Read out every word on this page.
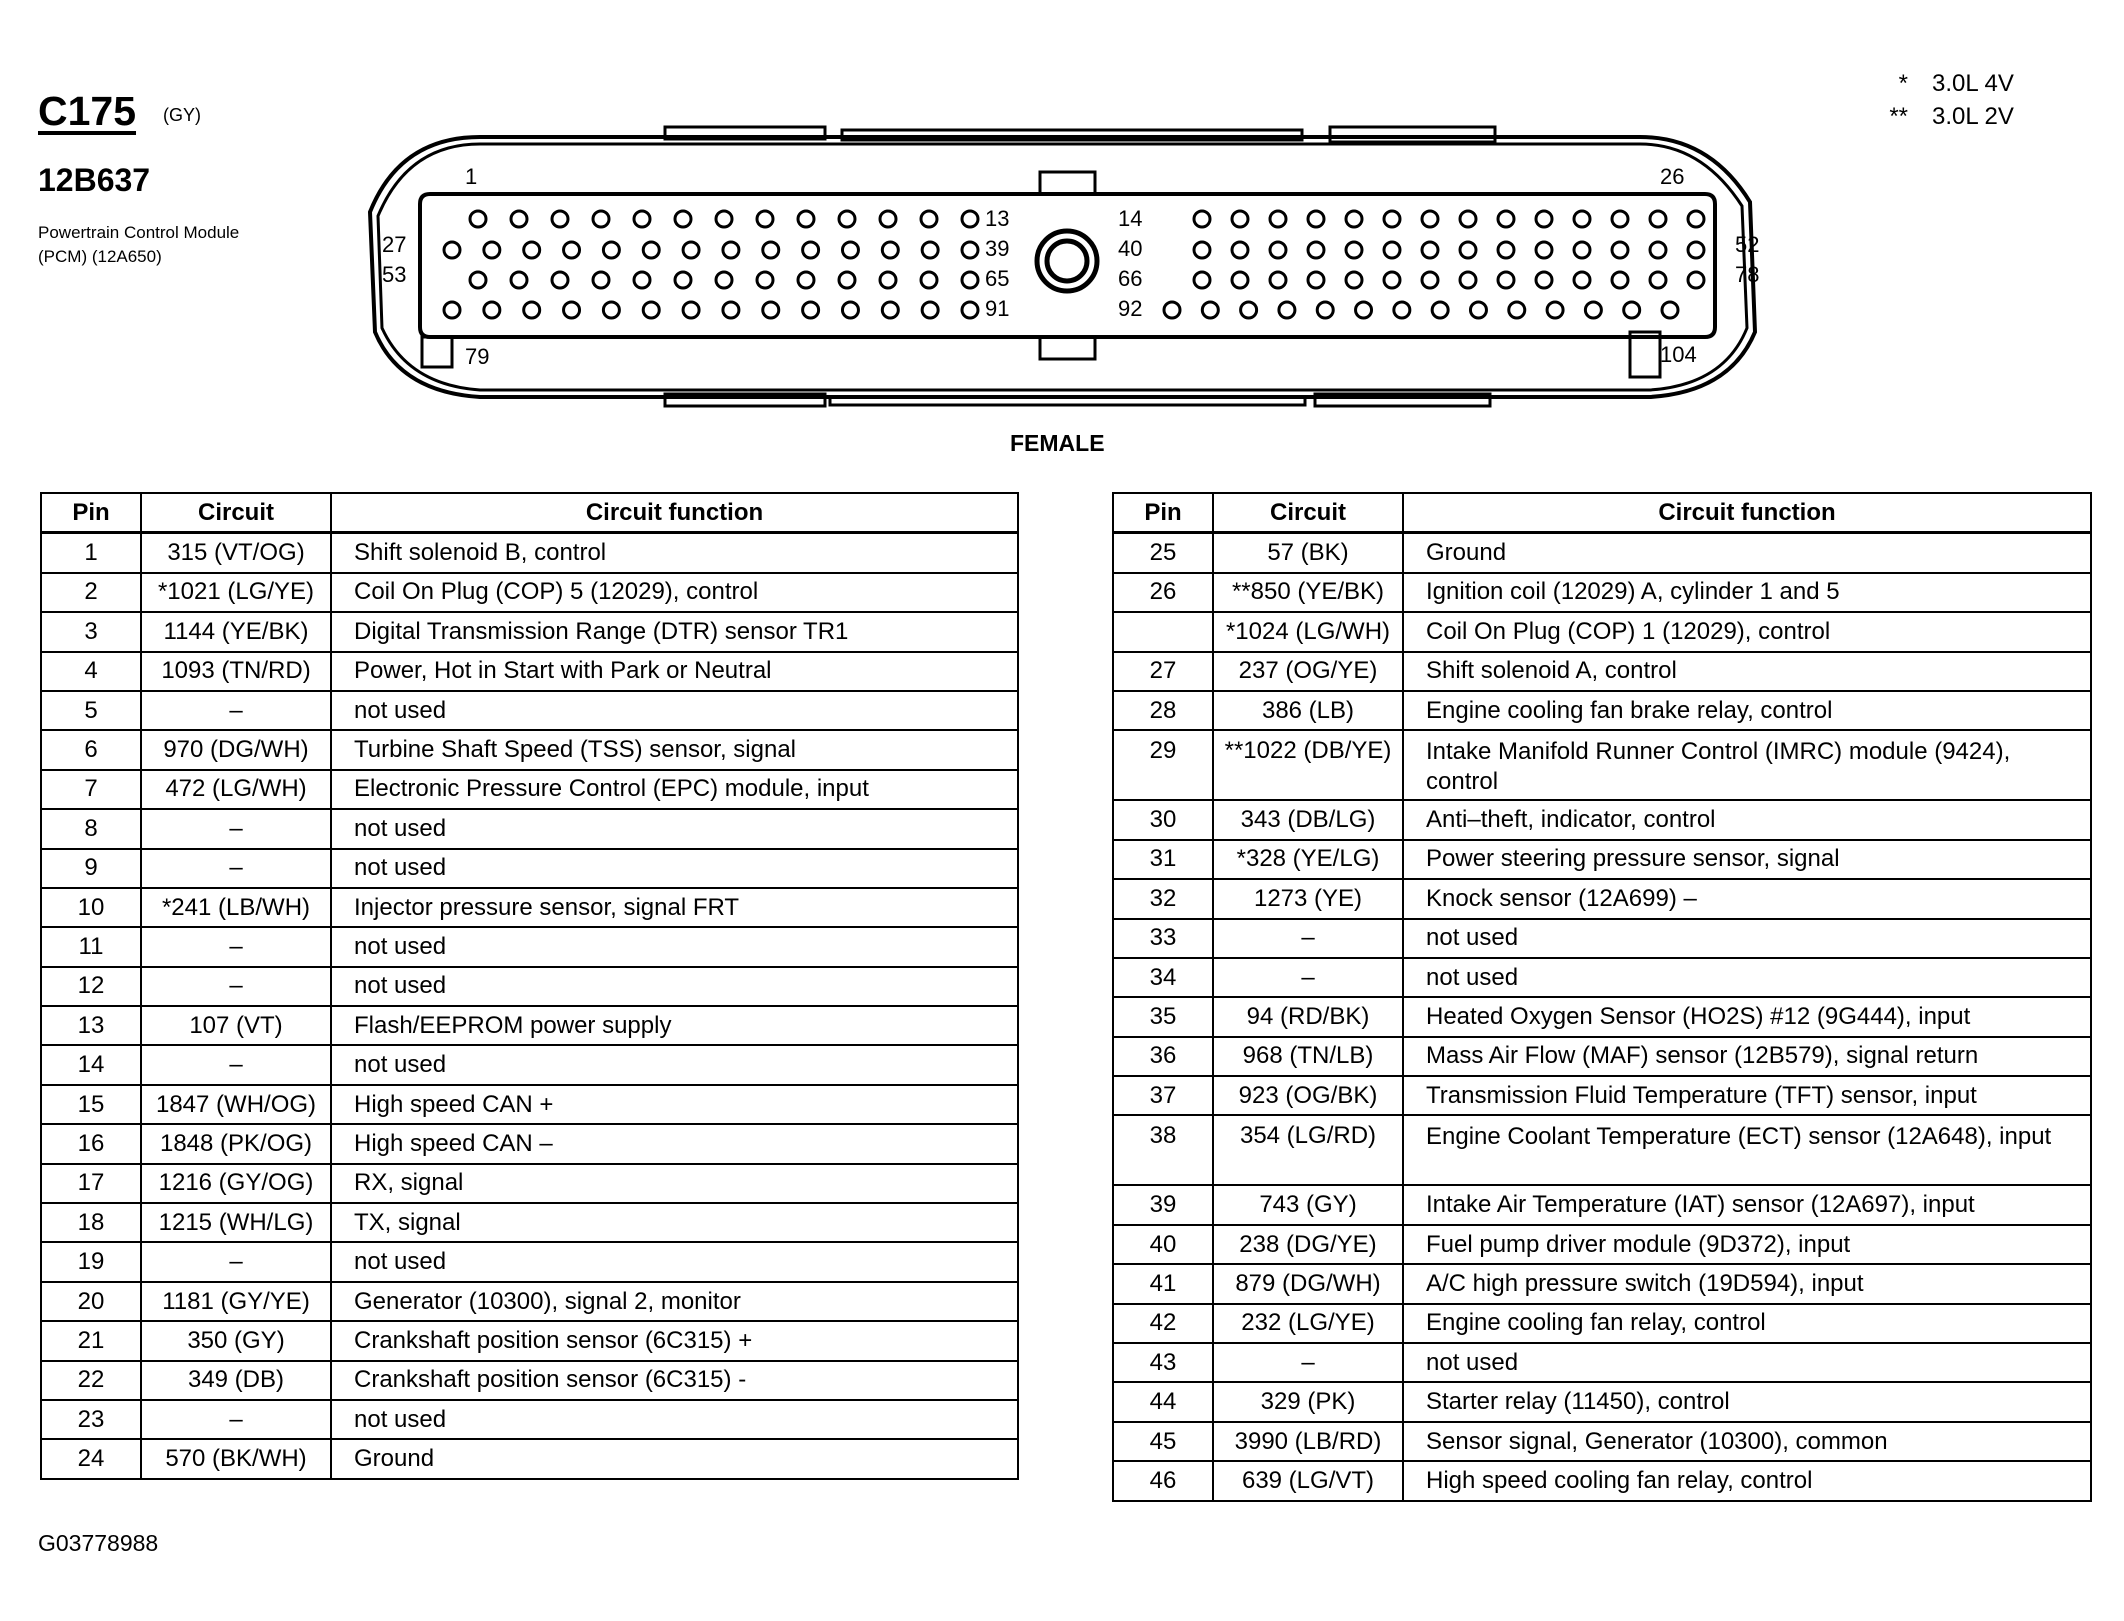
C175 (GY)
12B637
Powertrain Control Module
(PCM) (12A650)
* 3.0L 4V
** 3.0L 2V
1	26
27
53
52
78
79	104
13
39
65
91
14
40
66
92
FEMALE
Pin	Circuit	Circuit function
1	315 (VT/OG)	Shift solenoid B, control
2	*1021 (LG/YE)	Coil On Plug (COP) 5 (12029), control
3	1144 (YE/BK)	Digital Transmission Range (DTR) sensor TR1
4	1093 (TN/RD)	Power, Hot in Start with Park or Neutral
5	–	not used
6	970 (DG/WH)	Turbine Shaft Speed (TSS) sensor, signal
7	472 (LG/WH)	Electronic Pressure Control (EPC) module, input
8	–	not used
9	–	not used
10	*241 (LB/WH)	Injector pressure sensor, signal FRT
11	–	not used
12	–	not used
13	107 (VT)	Flash/EEPROM power supply
14	–	not used
15	1847 (WH/OG)	High speed CAN +
16	1848 (PK/OG)	High speed CAN –
17	1216 (GY/OG)	RX, signal
18	1215 (WH/LG)	TX, signal
19	–	not used
20	1181 (GY/YE)	Generator (10300), signal 2, monitor
21	350 (GY)	Crankshaft position sensor (6C315) +
22	349 (DB)	Crankshaft position sensor (6C315) -
23	–	not used
24	570 (BK/WH)	Ground
Pin	Circuit	Circuit function
25	57 (BK)	Ground
26	**850 (YE/BK)	Ignition coil (12029) A, cylinder 1 and 5
	*1024 (LG/WH)	Coil On Plug (COP) 1 (12029), control
27	237 (OG/YE)	Shift solenoid A, control
28	386 (LB)	Engine cooling fan brake relay, control
29	**1022 (DB/YE)	Intake Manifold Runner Control (IMRC) module (9424), control
30	343 (DB/LG)	Anti–theft, indicator, control
31	*328 (YE/LG)	Power steering pressure sensor, signal
32	1273 (YE)	Knock sensor (12A699) –
33	–	not used
34	–	not used
35	94 (RD/BK)	Heated Oxygen Sensor (HO2S) #12 (9G444), input
36	968 (TN/LB)	Mass Air Flow (MAF) sensor (12B579), signal return
37	923 (OG/BK)	Transmission Fluid Temperature (TFT) sensor, input
38	354 (LG/RD)	Engine Coolant Temperature (ECT) sensor (12A648), input
39	743 (GY)	Intake Air Temperature (IAT) sensor (12A697), input
40	238 (DG/YE)	Fuel pump driver module (9D372), input
41	879 (DG/WH)	A/C high pressure switch (19D594), input
42	232 (LG/YE)	Engine cooling fan relay, control
43	–	not used
44	329 (PK)	Starter relay (11450), control
45	3990 (LB/RD)	Sensor signal, Generator (10300), common
46	639 (LG/VT)	High speed cooling fan relay, control
G03778988
